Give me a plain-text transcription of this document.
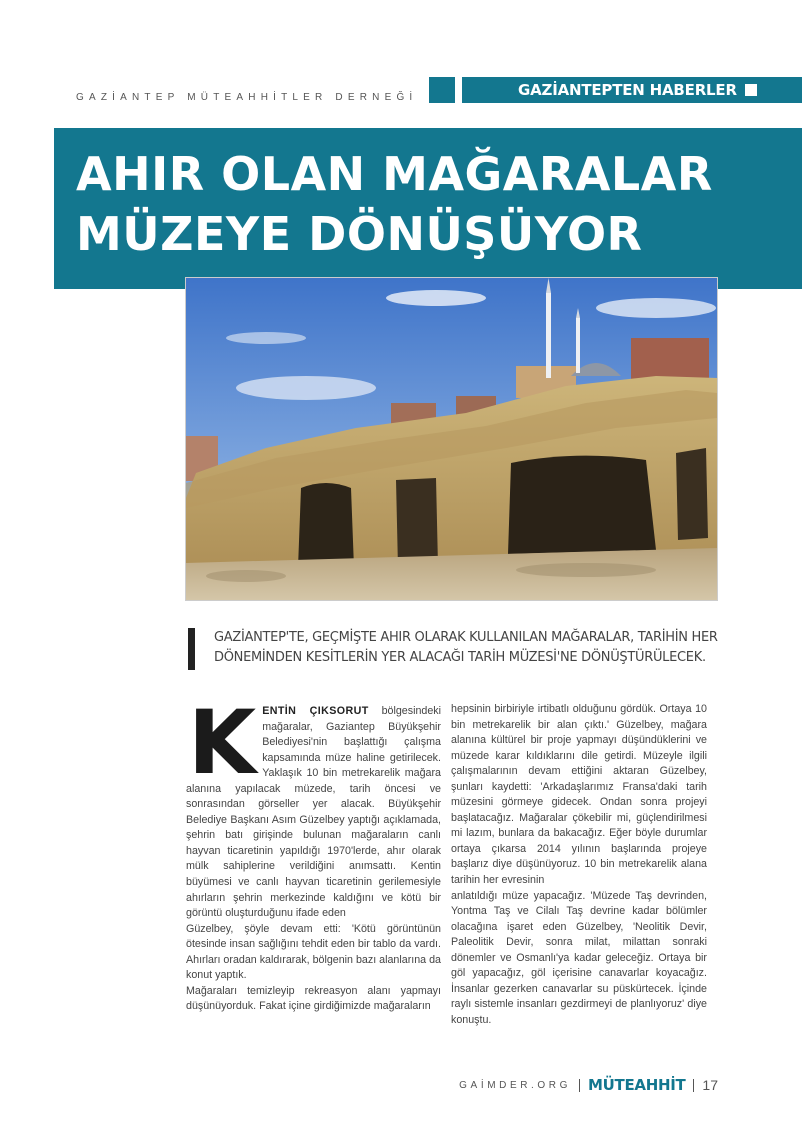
GAZİANTEP MÜTEAHHİTLER DERNEĞİ	GAZİANTEPTEN HABERLER
AHIR OLAN MAĞARALAR
MÜZEYE DÖNÜŞÜYOR

GAZİANTEP'TE, GEÇMİŞTE AHIR OLARAK KULLANILAN MAĞARALAR, TARİHİN HER DÖNEMİNDEN KESİTLERİN YER ALACAĞI TARİH MÜZESİ'NE DÖNÜŞTÜRÜLECEK.

KENTİN ÇIKSORUT bölgesindeki mağaralar, Gaziantep Büyükşehir Belediyesi'nin başlattığı çalışma kapsamında müze haline getirilecek. Yaklaşık 10 bin metrekarelik mağara alanına yapılacak müzede, tarih öncesi ve sonrasından görseller yer alacak. Büyükşehir Belediye Başkanı Asım Güzelbey yaptığı açıklamada, şehrin batı girişinde bulunan mağaraların canlı hayvan ticaretinin yapıldığı 1970'lerde, ahır olarak mülk sahiplerine verildiğini anımsattı. Kentin büyümesi ve canlı hayvan ticaretinin gerilemesiyle ahırların şehrin merkezinde kaldığını ve kötü bir görüntü oluşturduğunu ifade eden

Güzelbey, şöyle devam etti: 'Kötü görüntünün ötesinde insan sağlığını tehdit eden bir tablo da vardı. Ahırları oradan kaldırarak, bölgenin bazı alanlarına da konut yaptık.

Mağaraları temizleyip rekreasyon alanı yapmayı düşünüyorduk. Fakat içine girdiğimizde mağaraların

hepsinin birbiriyle irtibatlı olduğunu gördük. Ortaya 10 bin metrekarelik bir alan çıktı.' Güzelbey, mağara alanına kültürel bir proje yapmayı düşündüklerini ve müzede karar kıldıklarını dile getirdi. Müzeyle ilgili çalışmalarının devam ettiğini aktaran Güzelbey, şunları kaydetti: 'Arkadaşlarımız Fransa'daki tarih müzesini görmeye gidecek. Ondan sonra projeyi başlatacağız. Mağaralar çökebilir mi, güçlendirilmesi mi lazım, bunlara da bakacağız. Eğer böyle durumlar ortaya çıkarsa 2014 yılının başlarında projeye başlarız diye düşünüyoruz. 10 bin metrekarelik alana tarihin her evresinin

anlatıldığı müze yapacağız. 'Müzede Taş devrinden, Yontma Taş ve Cilalı Taş devrine kadar bölümler olacağına işaret eden Güzelbey, 'Neolitik Devir, Paleolitik Devir, sonra milat, milattan sonraki dönemler ve Osmanlı'ya kadar geleceğiz. Ortaya bir göl yapacağız, göl içerisine canavarlar koyacağız. İnsanlar gezerken canavarlar su püskürtecek. İçinde raylı sistemle insanları gezdirmeyi de planlıyoruz' diye konuştu.

GAİMDER.ORG MÜTEAHHİT 17
